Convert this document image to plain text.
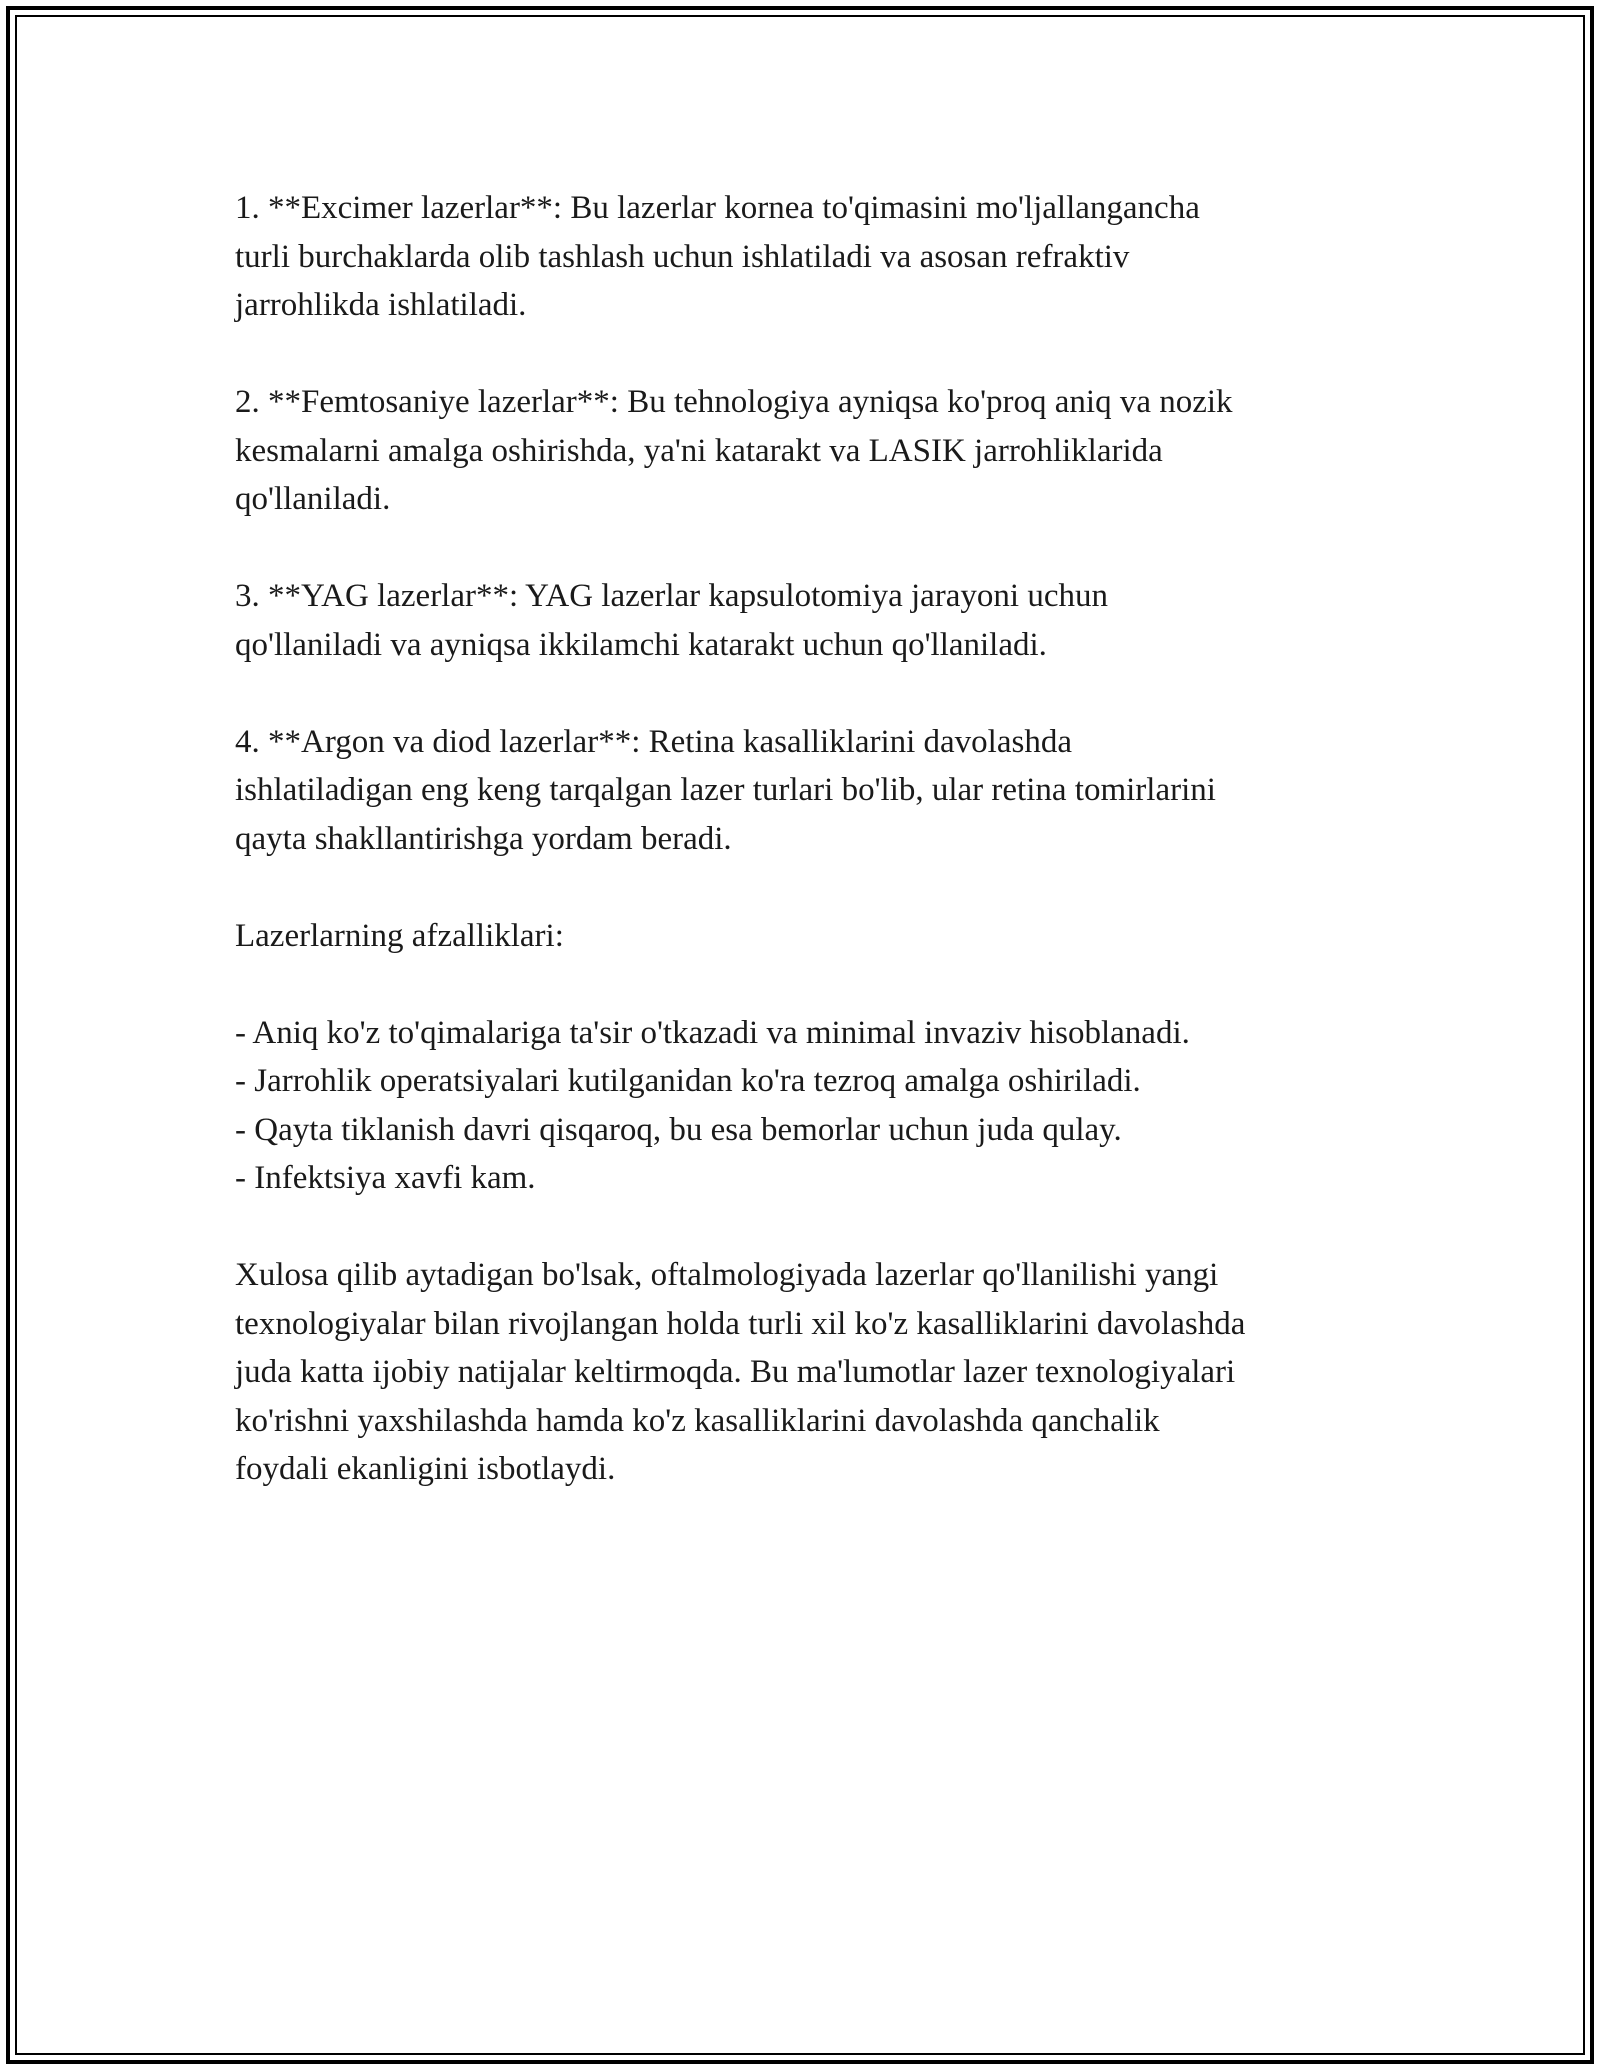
1. **Excimer lazerlar**: Bu lazerlar kornea to'qimasini mo'ljallangancha
turli burchaklarda olib tashlash uchun ishlatiladi va asosan refraktiv
jarrohlikda ishlatiladi.

2. **Femtosaniye lazerlar**: Bu tehnologiya ayniqsa ko'proq aniq va nozik
kesmalarni amalga oshirishda, ya'ni katarakt va LASIK jarrohliklarida
qo'llaniladi.

3. **YAG lazerlar**: YAG lazerlar kapsulotomiya jarayoni uchun
qo'llaniladi va ayniqsa ikkilamchi katarakt uchun qo'llaniladi.

4. **Argon va diod lazerlar**: Retina kasalliklarini davolashda
ishlatiladigan eng keng tarqalgan lazer turlari bo'lib, ular retina tomirlarini
qayta shakllantirishga yordam beradi.

Lazerlarning afzalliklari:

- Aniq ko'z to'qimalariga ta'sir o'tkazadi va minimal invaziv hisoblanadi.
- Jarrohlik operatsiyalari kutilganidan ko'ra tezroq amalga oshiriladi.
- Qayta tiklanish davri qisqaroq, bu esa bemorlar uchun juda qulay.
- Infektsiya xavfi kam.

Xulosa qilib aytadigan bo'lsak, oftalmologiyada lazerlar qo'llanilishi yangi
texnologiyalar bilan rivojlangan holda turli xil ko'z kasalliklarini davolashda
juda katta ijobiy natijalar keltirmoqda. Bu ma'lumotlar lazer texnologiyalari
ko'rishni yaxshilashda hamda ko'z kasalliklarini davolashda qanchalik
foydali ekanligini isbotlaydi.
